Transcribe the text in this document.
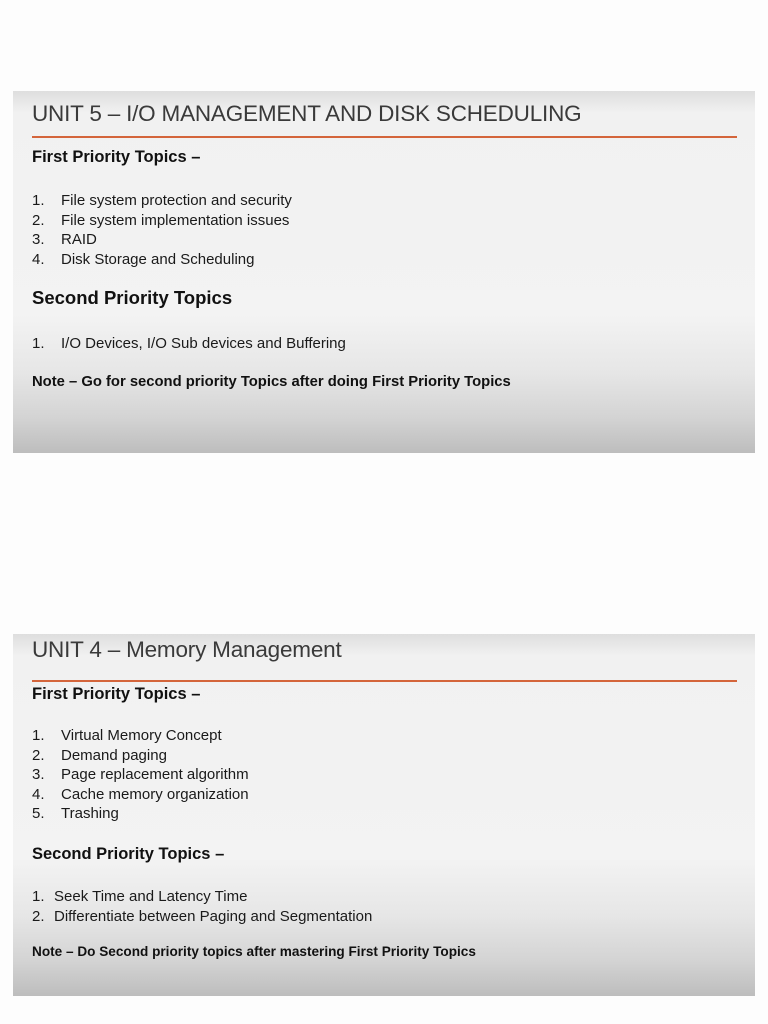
UNIT 5 – I/O MANAGEMENT AND DISK SCHEDULING
First Priority Topics –
1.	File system protection and security
2.	File system implementation issues
3.	RAID
4.	Disk Storage and Scheduling
Second Priority Topics
1.	I/O Devices, I/O Sub devices and Buffering
Note – Go for second priority Topics after doing First Priority Topics
UNIT 4 – Memory Management
First Priority Topics –
1.	Virtual Memory Concept
2.	Demand paging
3.	Page replacement algorithm
4.	Cache memory organization
5.	Trashing
Second Priority Topics –
1. Seek Time and Latency Time
2. Differentiate between Paging and Segmentation
Note – Do Second priority topics after mastering First Priority Topics
